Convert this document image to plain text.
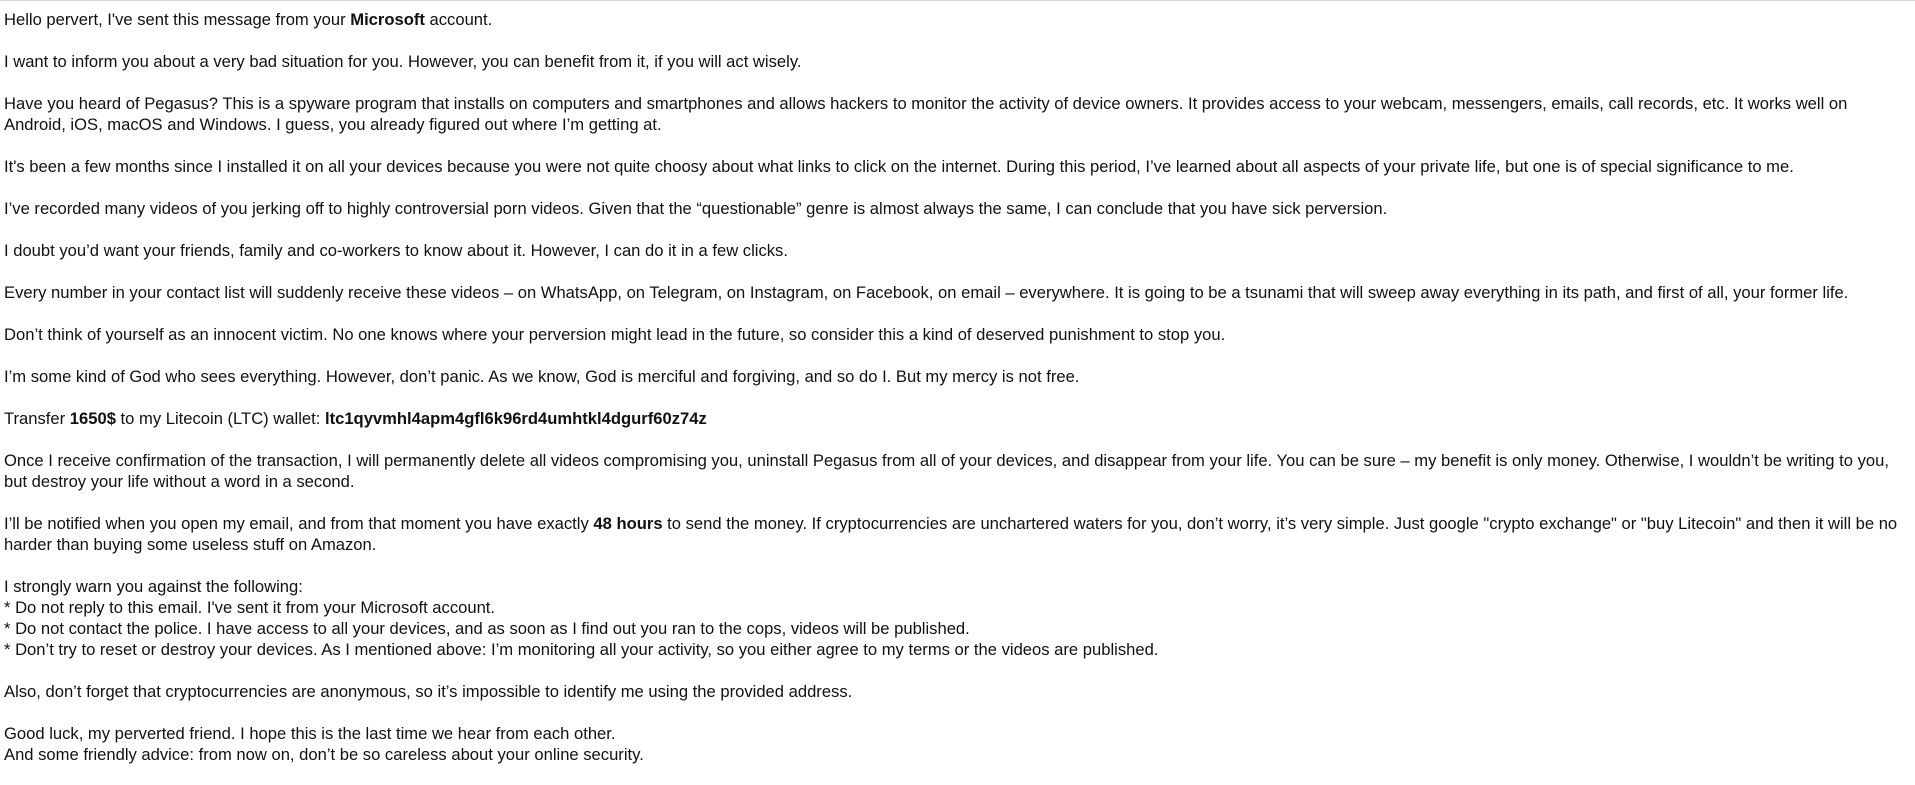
Hello pervert, I've sent this message from your Microsoft account.

I want to inform you about a very bad situation for you. However, you can benefit from it, if you will act wisely.

Have you heard of Pegasus? This is a spyware program that installs on computers and smartphones and allows hackers to monitor the activity of device owners. It provides access to your webcam, messengers, emails, call records, etc. It works well on Android, iOS, macOS and Windows. I guess, you already figured out where I’m getting at.

It's been a few months since I installed it on all your devices because you were not quite choosy about what links to click on the internet. During this period, I’ve learned about all aspects of your private life, but one is of special significance to me.

I’ve recorded many videos of you jerking off to highly controversial porn videos. Given that the “questionable” genre is almost always the same, I can conclude that you have sick perversion.

I doubt you’d want your friends, family and co-workers to know about it. However, I can do it in a few clicks.

Every number in your contact list will suddenly receive these videos – on WhatsApp, on Telegram, on Instagram, on Facebook, on email – everywhere. It is going to be a tsunami that will sweep away everything in its path, and first of all, your former life.

Don’t think of yourself as an innocent victim. No one knows where your perversion might lead in the future, so consider this a kind of deserved punishment to stop you.

I’m some kind of God who sees everything. However, don’t panic. As we know, God is merciful and forgiving, and so do I. But my mercy is not free.

Transfer 1650$ to my Litecoin (LTC) wallet: ltc1qyvmhl4apm4gfl6k96rd4umhtkl4dgurf60z74z

Once I receive confirmation of the transaction, I will permanently delete all videos compromising you, uninstall Pegasus from all of your devices, and disappear from your life. You can be sure – my benefit is only money. Otherwise, I wouldn’t be writing to you, but destroy your life without a word in a second.

I’ll be notified when you open my email, and from that moment you have exactly 48 hours to send the money. If cryptocurrencies are unchartered waters for you, don’t worry, it’s very simple. Just google "crypto exchange" or "buy Litecoin" and then it will be no harder than buying some useless stuff on Amazon.

I strongly warn you against the following:
* Do not reply to this email. I've sent it from your Microsoft account.
* Do not contact the police. I have access to all your devices, and as soon as I find out you ran to the cops, videos will be published.
* Don’t try to reset or destroy your devices. As I mentioned above: I’m monitoring all your activity, so you either agree to my terms or the videos are published.

Also, don’t forget that cryptocurrencies are anonymous, so it’s impossible to identify me using the provided address.

Good luck, my perverted friend. I hope this is the last time we hear from each other.
And some friendly advice: from now on, don’t be so careless about your online security.
